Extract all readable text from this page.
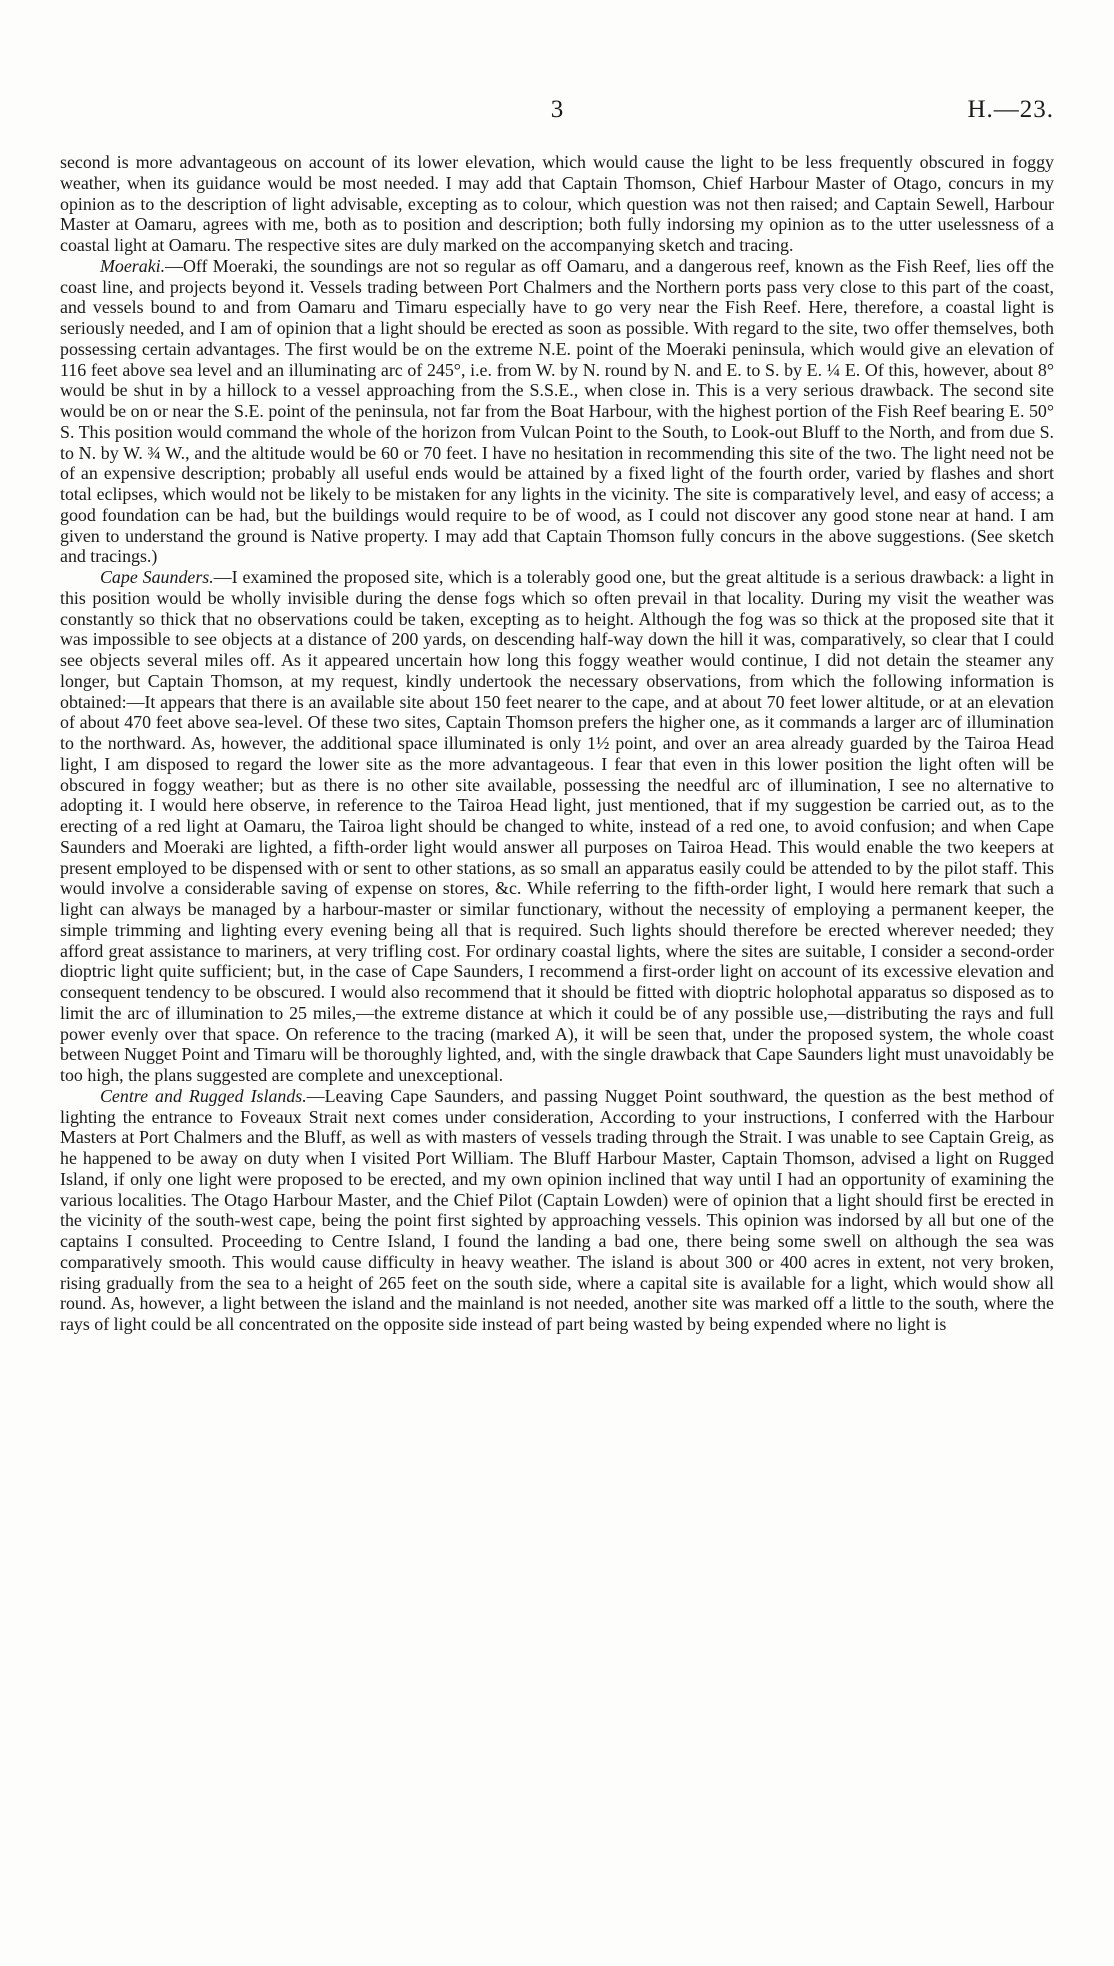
3	H.—23.

second is more advantageous on account of its lower elevation, which would cause the light to be less frequently obscured in foggy weather, when its guidance would be most needed. I may add that Captain Thomson, Chief Harbour Master of Otago, concurs in my opinion as to the description of light advisable, excepting as to colour, which question was not then raised; and Captain Sewell, Harbour Master at Oamaru, agrees with me, both as to position and description; both fully indorsing my opinion as to the utter uselessness of a coastal light at Oamaru. The respective sites are duly marked on the accompanying sketch and tracing.

Moeraki.—Off Moeraki, the soundings are not so regular as off Oamaru, and a dangerous reef, known as the Fish Reef, lies off the coast line, and projects beyond it. Vessels trading between Port Chalmers and the Northern ports pass very close to this part of the coast, and vessels bound to and from Oamaru and Timaru especially have to go very near the Fish Reef. Here, therefore, a coastal light is seriously needed, and I am of opinion that a light should be erected as soon as possible. With regard to the site, two offer themselves, both possessing certain advantages. The first would be on the extreme N.E. point of the Moeraki peninsula, which would give an elevation of 116 feet above sea level and an illuminating arc of 245°, i.e. from W. by N. round by N. and E. to S. by E. ¼ E. Of this, however, about 8° would be shut in by a hillock to a vessel approaching from the S.S.E., when close in. This is a very serious drawback. The second site would be on or near the S.E. point of the peninsula, not far from the Boat Harbour, with the highest portion of the Fish Reef bearing E. 50° S. This position would command the whole of the horizon from Vulcan Point to the South, to Look-out Bluff to the North, and from due S. to N. by W. ¾ W., and the altitude would be 60 or 70 feet. I have no hesitation in recommending this site of the two. The light need not be of an expensive description; probably all useful ends would be attained by a fixed light of the fourth order, varied by flashes and short total eclipses, which would not be likely to be mistaken for any lights in the vicinity. The site is comparatively level, and easy of access; a good foundation can be had, but the buildings would require to be of wood, as I could not discover any good stone near at hand. I am given to understand the ground is Native property. I may add that Captain Thomson fully concurs in the above suggestions. (See sketch and tracings.)

Cape Saunders.—I examined the proposed site, which is a tolerably good one, but the great altitude is a serious drawback: a light in this position would be wholly invisible during the dense fogs which so often prevail in that locality. During my visit the weather was constantly so thick that no observations could be taken, excepting as to height. Although the fog was so thick at the proposed site that it was impossible to see objects at a distance of 200 yards, on descending half-way down the hill it was, comparatively, so clear that I could see objects several miles off. As it appeared uncertain how long this foggy weather would continue, I did not detain the steamer any longer, but Captain Thomson, at my request, kindly undertook the necessary observations, from which the following information is obtained:—It appears that there is an available site about 150 feet nearer to the cape, and at about 70 feet lower altitude, or at an elevation of about 470 feet above sea-level. Of these two sites, Captain Thomson prefers the higher one, as it commands a larger arc of illumination to the northward. As, however, the additional space illuminated is only 1½ point, and over an area already guarded by the Tairoa Head light, I am disposed to regard the lower site as the more advantageous. I fear that even in this lower position the light often will be obscured in foggy weather; but as there is no other site available, possessing the needful arc of illumination, I see no alternative to adopting it. I would here observe, in reference to the Tairoa Head light, just mentioned, that if my suggestion be carried out, as to the erecting of a red light at Oamaru, the Tairoa light should be changed to white, instead of a red one, to avoid confusion; and when Cape Saunders and Moeraki are lighted, a fifth-order light would answer all purposes on Tairoa Head. This would enable the two keepers at present employed to be dispensed with or sent to other stations, as so small an apparatus easily could be attended to by the pilot staff. This would involve a considerable saving of expense on stores, &c. While referring to the fifth-order light, I would here remark that such a light can always be managed by a harbour-master or similar functionary, without the necessity of employing a permanent keeper, the simple trimming and lighting every evening being all that is required. Such lights should therefore be erected wherever needed; they afford great assistance to mariners, at very trifling cost. For ordinary coastal lights, where the sites are suitable, I consider a second-order dioptric light quite sufficient; but, in the case of Cape Saunders, I recommend a first-order light on account of its excessive elevation and consequent tendency to be obscured. I would also recommend that it should be fitted with dioptric holophotal apparatus so disposed as to limit the arc of illumination to 25 miles,—the extreme distance at which it could be of any possible use,—distributing the rays and full power evenly over that space. On reference to the tracing (marked A), it will be seen that, under the proposed system, the whole coast between Nugget Point and Timaru will be thoroughly lighted, and, with the single drawback that Cape Saunders light must unavoidably be too high, the plans suggested are complete and unexceptional.

Centre and Rugged Islands.—Leaving Cape Saunders, and passing Nugget Point southward, the question as the best method of lighting the entrance to Foveaux Strait next comes under consideration, According to your instructions, I conferred with the Harbour Masters at Port Chalmers and the Bluff, as well as with masters of vessels trading through the Strait. I was unable to see Captain Greig, as he happened to be away on duty when I visited Port William. The Bluff Harbour Master, Captain Thomson, advised a light on Rugged Island, if only one light were proposed to be erected, and my own opinion inclined that way until I had an opportunity of examining the various localities. The Otago Harbour Master, and the Chief Pilot (Captain Lowden) were of opinion that a light should first be erected in the vicinity of the south-west cape, being the point first sighted by approaching vessels. This opinion was indorsed by all but one of the captains I consulted. Proceeding to Centre Island, I found the landing a bad one, there being some swell on although the sea was comparatively smooth. This would cause difficulty in heavy weather. The island is about 300 or 400 acres in extent, not very broken, rising gradually from the sea to a height of 265 feet on the south side, where a capital site is available for a light, which would show all round. As, however, a light between the island and the mainland is not needed, another site was marked off a little to the south, where the rays of light could be all concentrated on the opposite side instead of part being wasted by being expended where no light is
